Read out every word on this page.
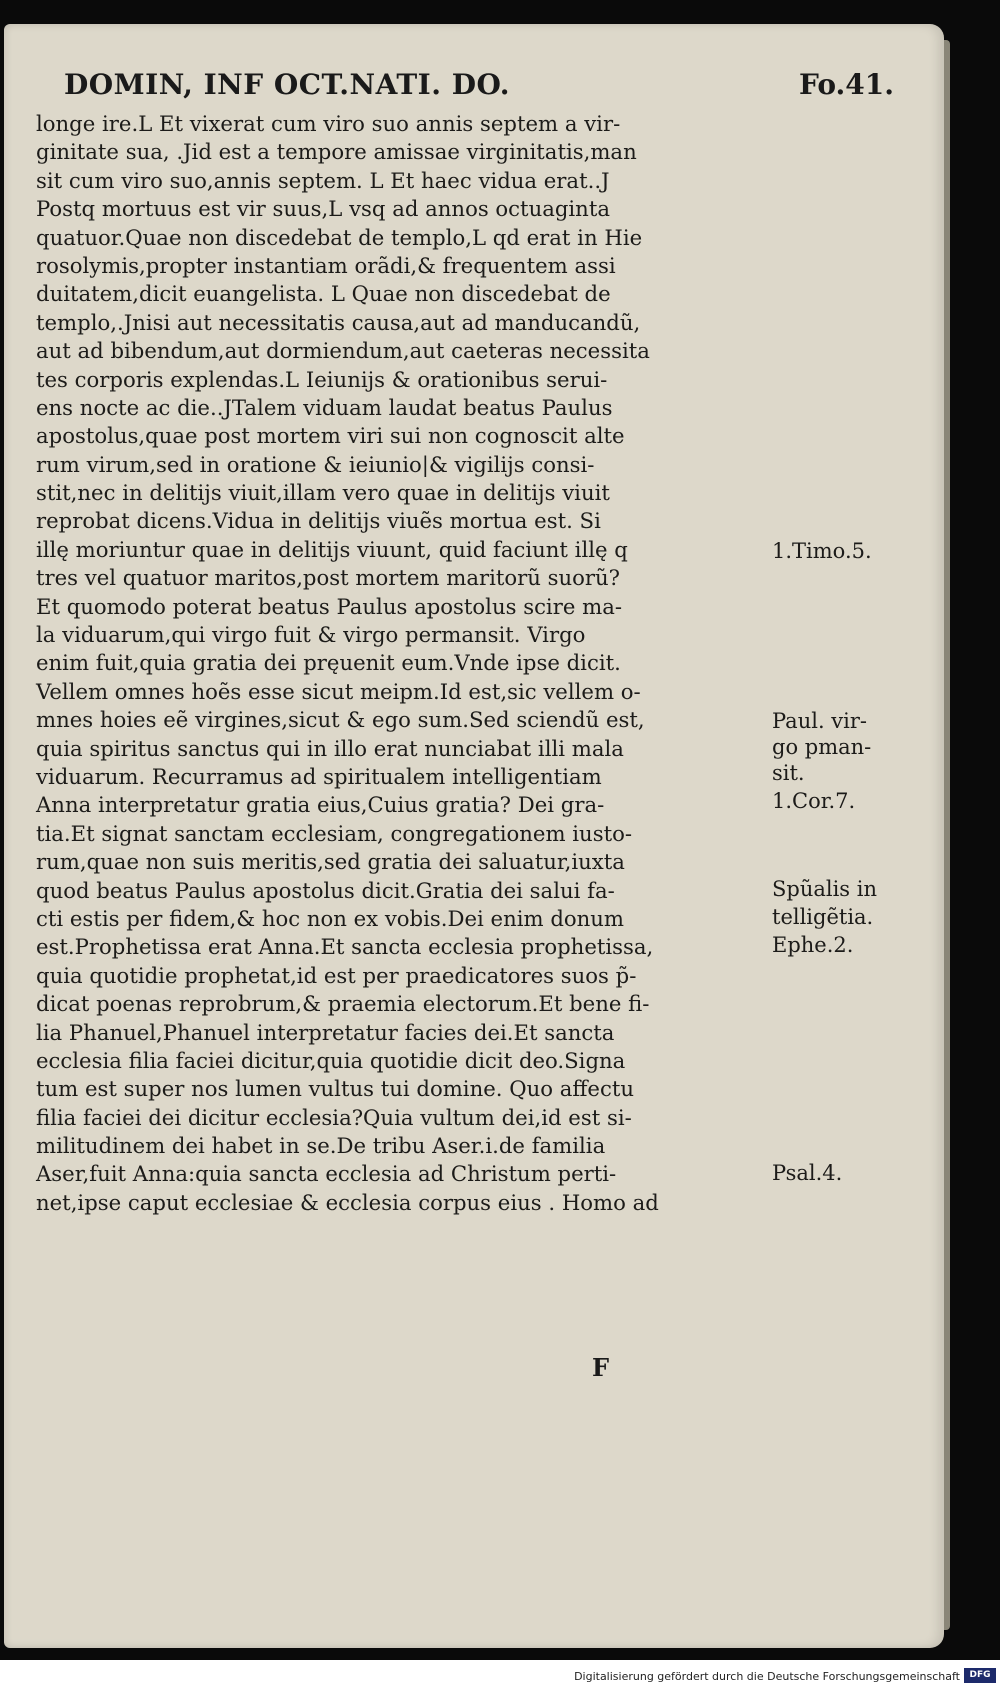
DOMIN, INF OCT.NATI. DO.	Fo.41.
longe ire.L Et vixerat cum viro suo annis septem a vir-
ginitate sua, .Jid est a tempore amissae virginitatis,man
sit cum viro suo,annis septem. L Et haec vidua erat..J
Postq mortuus est vir suus,L vsq ad annos octuaginta
quatuor.Quae non discedebat de templo,L qd erat in Hie
rosolymis,propter instantiam orãdi,& frequentem assi
duitatem,dicit euangelista. L Quae non discedebat de
templo,.Jnisi aut necessitatis causa,aut ad manducandũ,
aut ad bibendum,aut dormiendum,aut caeteras necessita
tes corporis explendas.L Ieiunijs & orationibus serui-
ens nocte ac die..JTalem viduam laudat beatus Paulus
apostolus,quae post mortem viri sui non cognoscit alte
rum virum,sed in oratione & ieiunio|& vigilijs consi-
stit,nec in delitijs viuit,illam vero quae in delitijs viuit
reprobat dicens.Vidua in delitijs viuẽs mortua est. Si
illę moriuntur quae in delitijs viuunt, quid faciunt illę q
tres vel quatuor maritos,post mortem maritorũ suorũ?
Et quomodo poterat beatus Paulus apostolus scire ma-
la viduarum,qui virgo fuit & virgo permansit. Virgo
enim fuit,quia gratia dei pręuenit eum.Vnde ipse dicit.
Vellem omnes hoẽs esse sicut meipm.Id est,sic vellem o-
mnes hoies eẽ virgines,sicut & ego sum.Sed sciendũ est,
quia spiritus sanctus qui in illo erat nunciabat illi mala
viduarum. Recurramus ad spiritualem intelligentiam
Anna interpretatur gratia eius,Cuius gratia? Dei gra-
tia.Et signat sanctam ecclesiam, congregationem iusto-
rum,quae non suis meritis,sed gratia dei saluatur,iuxta
quod beatus Paulus apostolus dicit.Gratia dei salui fa-
cti estis per fidem,& hoc non ex vobis.Dei enim donum
est.Prophetissa erat Anna.Et sancta ecclesia prophetissa,
quia quotidie prophetat,id est per praedicatores suos p̃-
dicat poenas reprobrum,& praemia electorum.Et bene fi-
lia Phanuel,Phanuel interpretatur facies dei.Et sancta
ecclesia filia faciei dicitur,quia quotidie dicit deo.Signa
tum est super nos lumen vultus tui domine. Quo affectu
filia faciei dei dicitur ecclesia?Quia vultum dei,id est si-
militudinem dei habet in se.De tribu Aser.i.de familia
Aser,fuit Anna:quia sancta ecclesia ad Christum perti-
net,ipse caput ecclesiae & ecclesia corpus eius . Homo ad
1.Timo.5.
Paul. vir-
go pman-
sit.
1.Cor.7.
Spũalis in
telligẽtia.
Ephe.2.
Psal.4.
F
Digitalisierung gefördert durch die Deutsche Forschungsgemeinschaft	DFG
